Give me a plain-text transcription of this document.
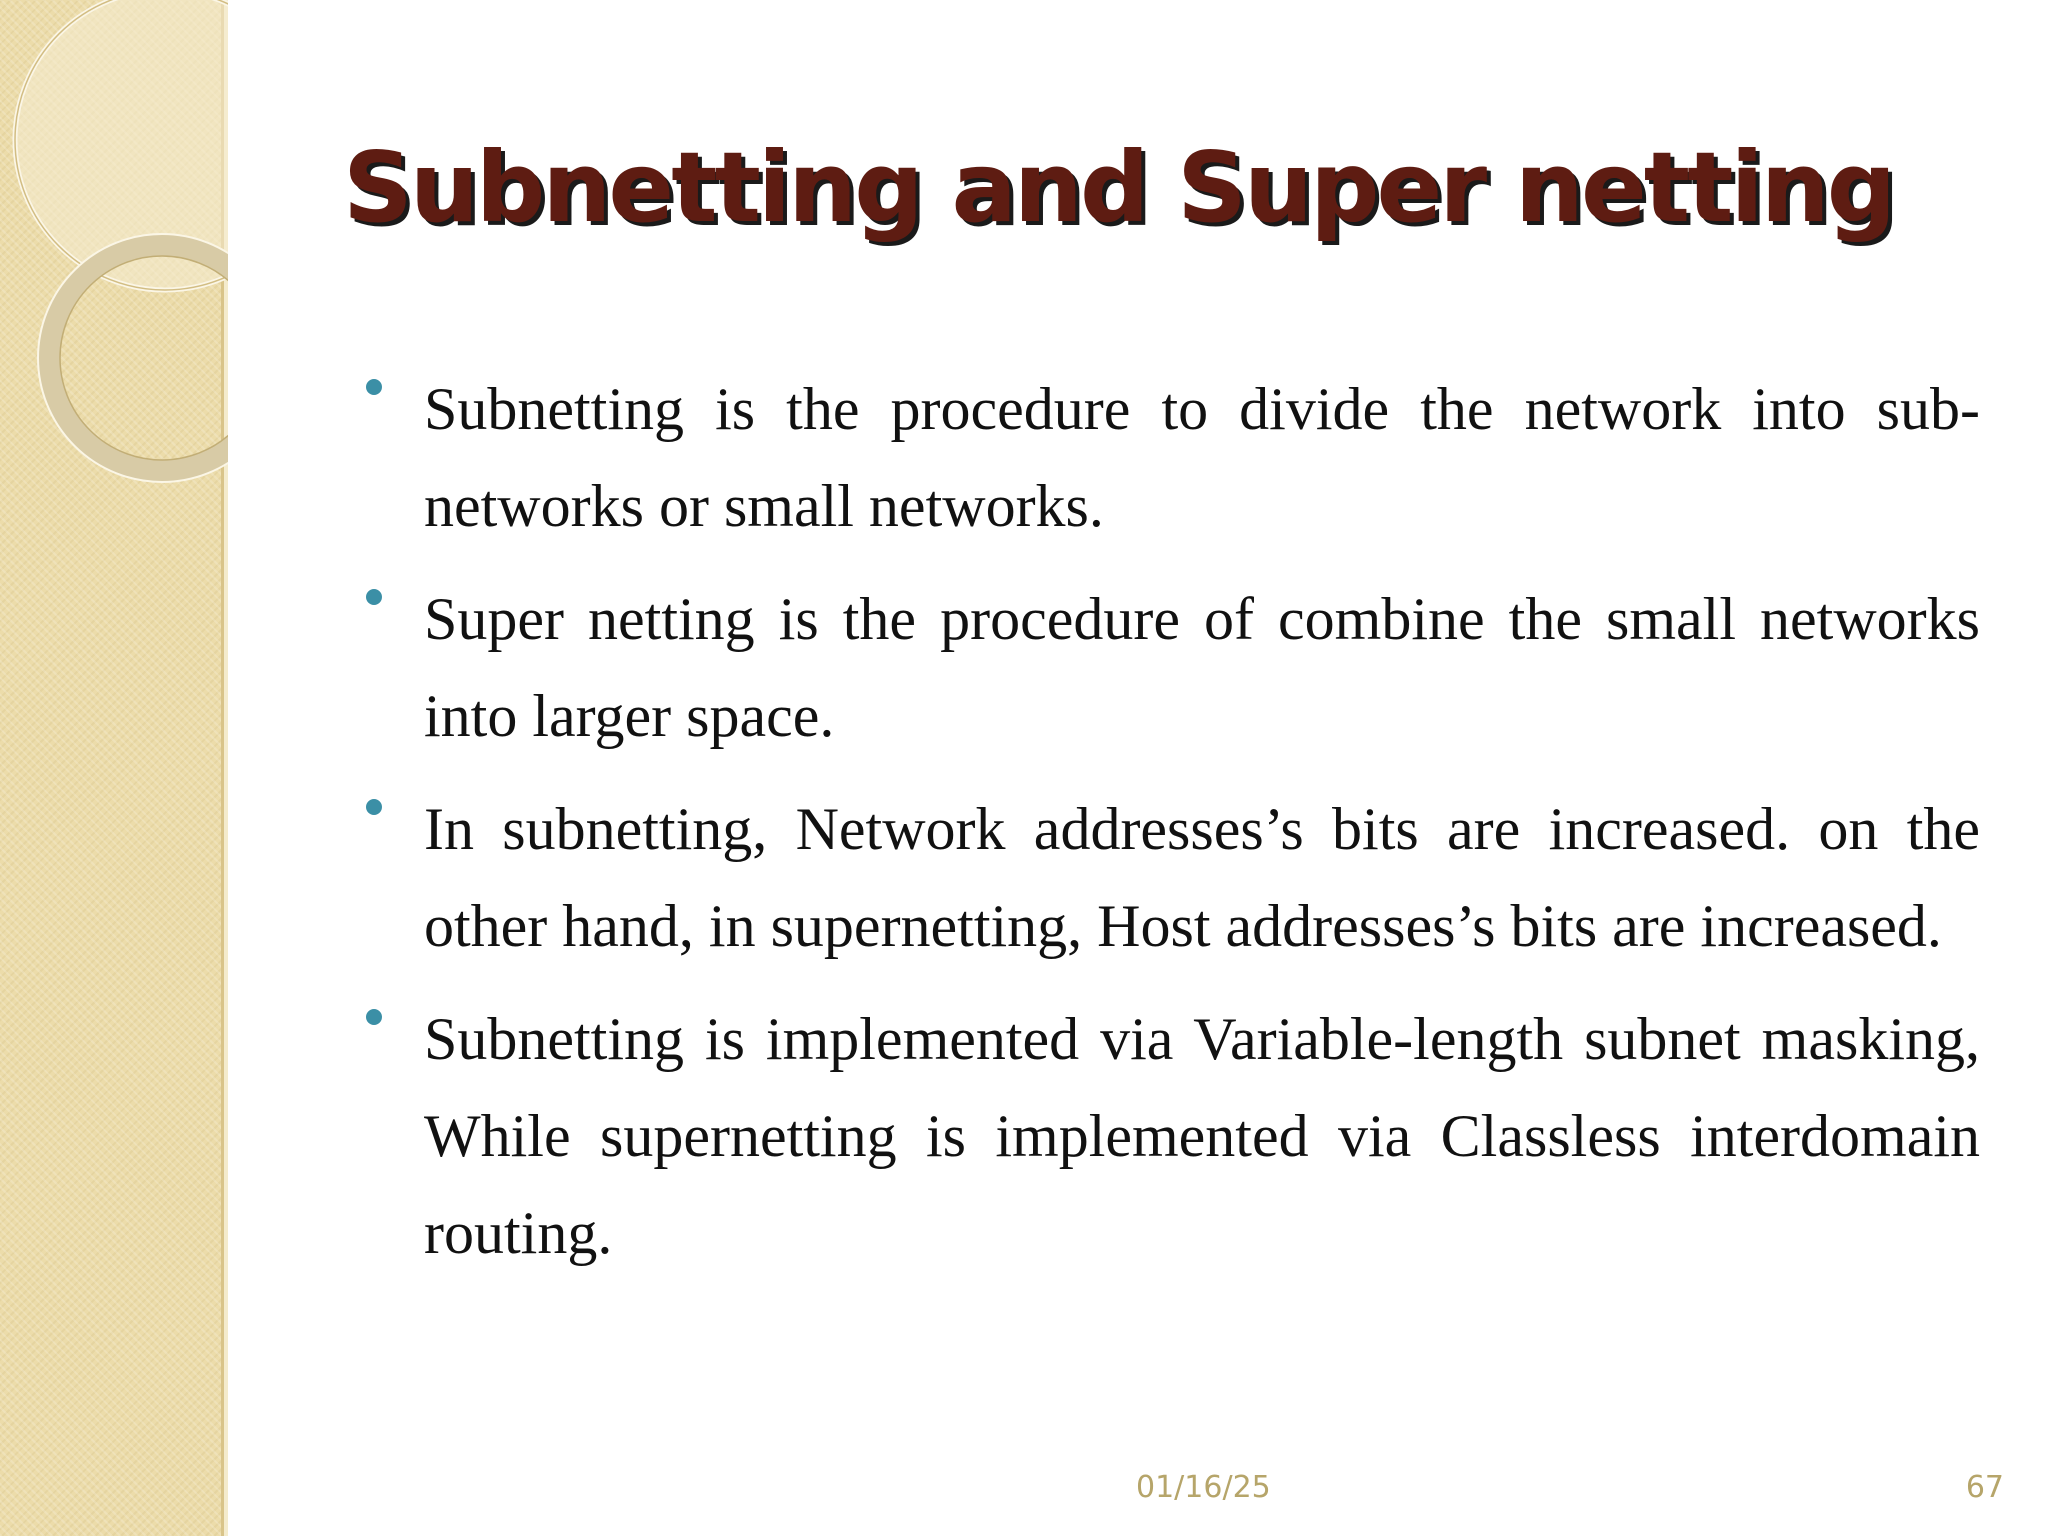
Subnetting and Super netting
Subnetting is the procedure to divide the network into sub-networks or small networks.
Super netting is the procedure of combine the small networks into larger space.
In subnetting, Network addresses’s bits are increased. on the other hand, in supernetting, Host addresses’s bits are increased.
Subnetting is implemented via Variable-length subnet masking, While supernetting is implemented via Classless interdomain routing.
01/16/25	67
